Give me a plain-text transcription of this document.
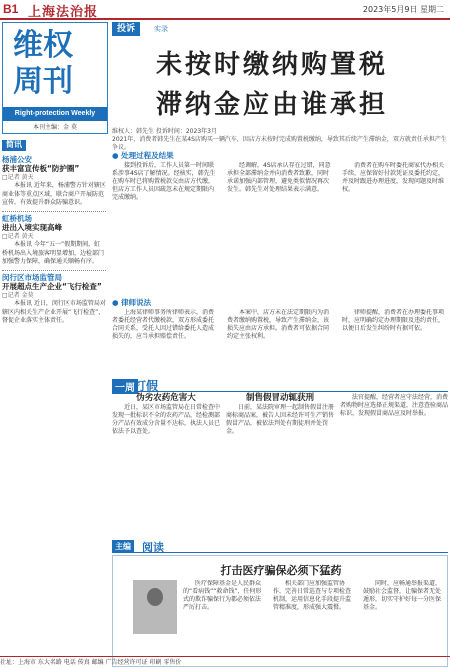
B1 上海法治报	2023年5月9日 星期二
维权
周刊
Right-protection Weekly
本刊主编：金 莫
简讯
杨浦公安
获丰富宣传板“防护圈”
□记者 黄天

本报讯 近年来，杨浦警方针对辖区商业体等重点区域，联合商户开展防范宣传，有效提升群众防骗意识。

虹桥机场
进出入境实现高峰
□记者 黄天

本报讯 今年“五一”假期期间，虹桥机场出入境旅客明显增加，边检部门加强警力保障，确保通关顺畅有序。

闵行区市场监管局
开展超点生产企业“飞行检查”
□记者 金莫

本报讯 近日，闵行区市场监管局对辖区内相关生产企业开展“飞行检查”，督促企业落实主体责任。

投诉	实录
未按时缴纳购置税
滞纳金应由谁承担
维权人：韩先生 投诉时间：2023年3月
2021年，消费者韩先生在某4S店购买一辆汽车，因店方未按时完成购置税缴纳，导致其后续产生滞纳金，双方就责任承担产生争议。
● 处理过程及结果

接到投诉后，工作人员第一时间联系涉事4S店了解情况。经核实，韩先生在购车时已将购置税款交由店方代缴，但店方工作人员因疏忽未在规定期限内完成缴纳。

经调解，4S店承认存在过错，同意承担全部滞纳金并向消费者致歉，同时承诺加强内部管理，避免类似情况再次发生。韩先生对处理结果表示满意。

消费者在购车时委托商家代办相关手续，应保留好付款凭证及委托约定，并及时跟进办理进度，发现问题及时维权。

● 律师说法

上海某律师事务所律师表示，消费者委托经营者代缴税款，双方形成委托合同关系，受托人因过错给委托人造成损失的，应当承担赔偿责任。

本案中，店方未在法定期限内为消费者缴纳购置税，导致产生滞纳金，该损失应由店方承担。消费者可依据合同约定主张权利。

律师提醒，消费者在办理委托事项时，应明确约定办理期限及违约责任，以便日后发生纠纷时有据可依。

一周 打假
伪劣农药危害大

近日，某区市场监管局在日常检查中发现一批标识不全的农药产品，经检测部分产品有效成分含量不达标，执法人员已依法予以查处。

制售假冒动辄获刑

日前，某法院审理一起制售假冒注册商标商品案，被告人因未经许可生产销售假冒产品，被依法判处有期徒刑并处罚金。

法官提醒，经营者应守法经营，消费者购物时应选择正规渠道，注意查验商品标识，发现假冒商品应及时举报。

主编 阅读
打击医疗骗保必须下猛药

医疗保障基金是人民群众的“看病钱”“救命钱”，任何形式的欺诈骗保行为都必须依法严厉打击。

相关部门应加强监管协作，完善日常巡查与专项检查机制，运用信息化手段提升监管精准度，形成强大震慑。

同时，应畅通举报渠道，鼓励社会监督，让骗保者无处遁形，切实守护好每一分医保基金。

社址：上海市 东大名路 电话 传真 邮编 广告经营许可证 印刷 零售价
